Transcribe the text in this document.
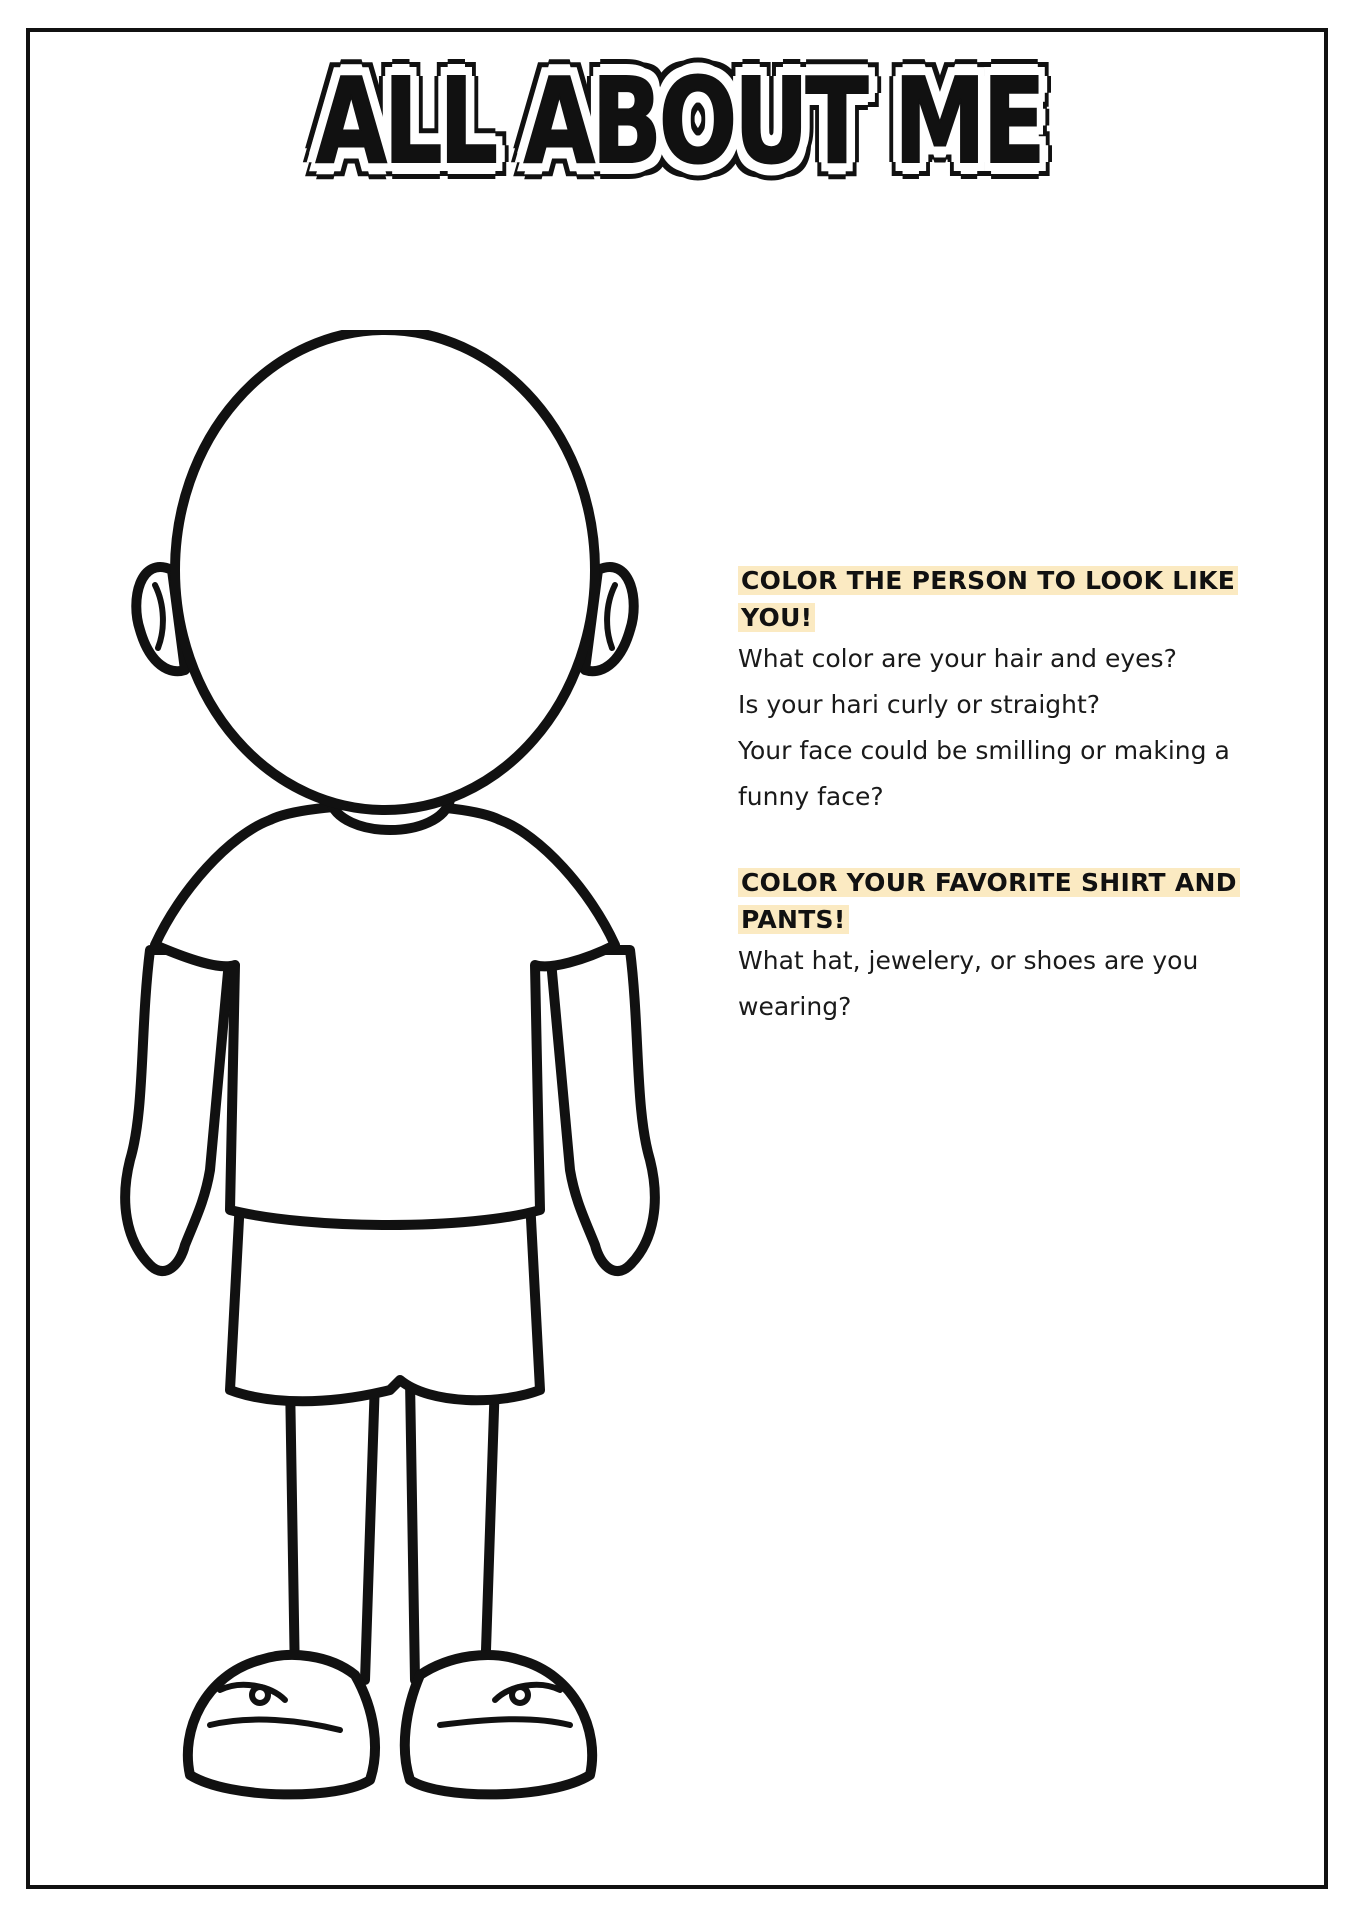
ALL ABOUT ME
COLOR THE PERSON TO LOOK LIKE YOU!

What color are your hair and eyes?

Is your hari curly or straight?

Your face could be smilling or making a

funny face?

COLOR YOUR FAVORITE SHIRT AND PANTS!

What hat, jewelery, or shoes are you

wearing?
